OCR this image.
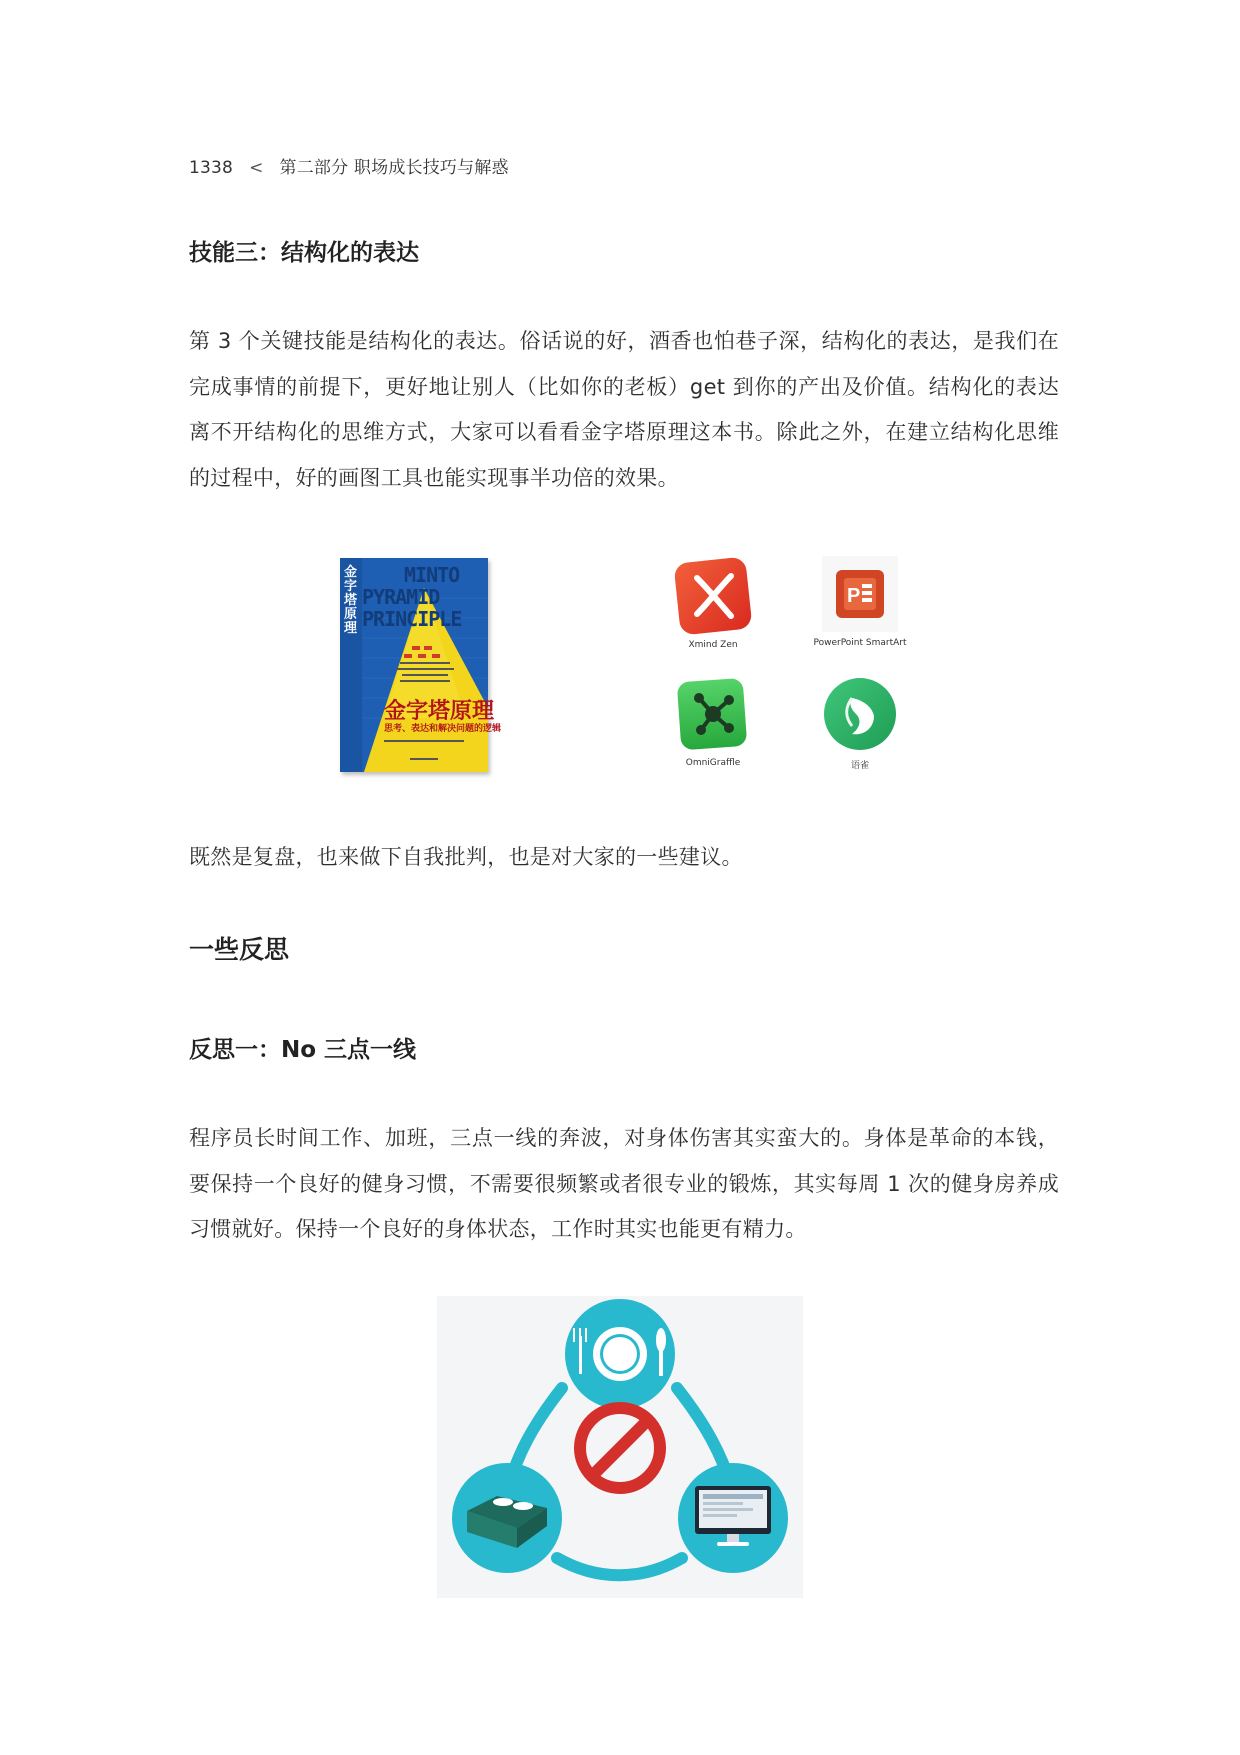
1338 < 第二部分 职场成长技巧与解惑
技能三：结构化的表达
第 3 个关键技能是结构化的表达。俗话说的好，酒香也怕巷子深，结构化的表达，是我们在完成事情的前提下，更好地让别人（比如你的老板）get 到你的产出及价值。结构化的表达离不开结构化的思维方式，大家可以看看金字塔原理这本书。除此之外，在建立结构化思维的过程中，好的画图工具也能实现事半功倍的效果。
金字塔原理
MINTO
PYRAMID
PRINCIPLE
金字塔原理
思考、表达和解决问题的逻辑
Xmind Zen
P
PowerPoint SmartArt
OmniGraffle	语雀
既然是复盘，也来做下自我批判，也是对大家的一些建议。
一些反思
反思一：No 三点一线
程序员长时间工作、加班，三点一线的奔波，对身体伤害其实蛮大的。身体是革命的本钱，要保持一个良好的健身习惯，不需要很频繁或者很专业的锻炼，其实每周 1 次的健身房养成习惯就好。保持一个良好的身体状态，工作时其实也能更有精力。
